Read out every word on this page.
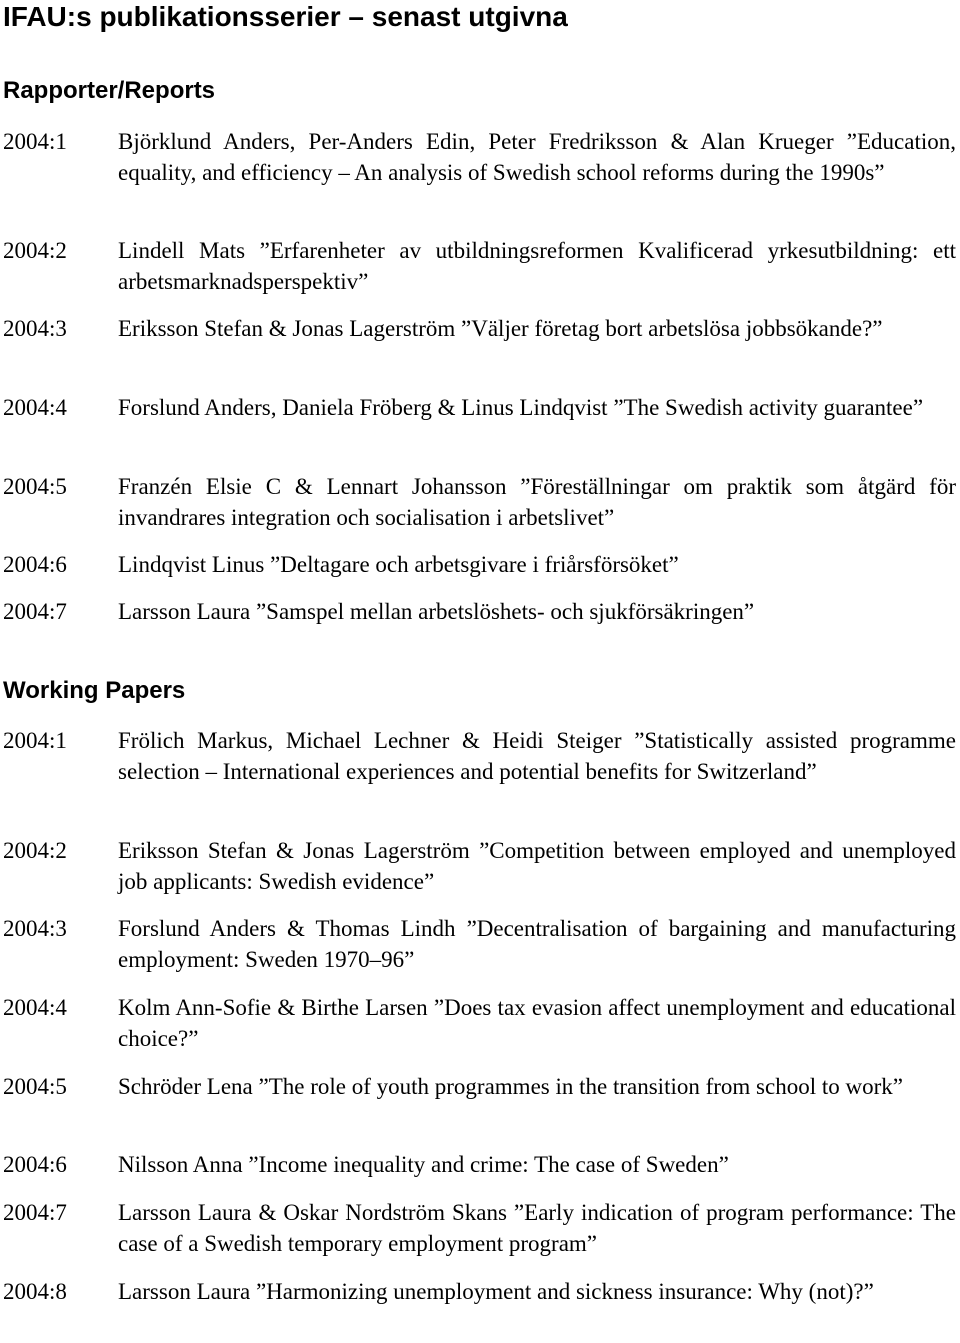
IFAU:s publikationsserier – senast utgivna
Rapporter/Reports
2004:1 Björklund Anders, Per-Anders Edin, Peter Fredriksson & Alan Krueger ”Education, equality, and efficiency – An analysis of Swedish school reforms during the 1990s”
2004:2 Lindell Mats ”Erfarenheter av utbildningsreformen Kvalificerad yrkesutbildning: ett arbetsmarknadsperspektiv”
2004:3 Eriksson Stefan & Jonas Lagerström ”Väljer företag bort arbetslösa jobbsökande?”
2004:4 Forslund Anders, Daniela Fröberg & Linus Lindqvist ”The Swedish activity guarantee”
2004:5 Franzén Elsie C & Lennart Johansson ”Föreställningar om praktik som åtgärd för invandrares integration och socialisation i arbetslivet”
2004:6 Lindqvist Linus ”Deltagare och arbetsgivare i friårsförsöket”
2004:7 Larsson Laura ”Samspel mellan arbetslöshets- och sjukförsäkringen”
Working Papers
2004:1 Frölich Markus, Michael Lechner & Heidi Steiger ”Statistically assisted programme selection – International experiences and potential benefits for Switzerland”
2004:2 Eriksson Stefan & Jonas Lagerström ”Competition between employed and unemployed job applicants: Swedish evidence”
2004:3 Forslund Anders & Thomas Lindh ”Decentralisation of bargaining and manufacturing employment: Sweden 1970–96”
2004:4 Kolm Ann-Sofie & Birthe Larsen ”Does tax evasion affect unemployment and educational choice?”
2004:5 Schröder Lena ”The role of youth programmes in the transition from school to work”
2004:6 Nilsson Anna ”Income inequality and crime: The case of Sweden”
2004:7 Larsson Laura & Oskar Nordström Skans ”Early indication of program performance: The case of a Swedish temporary employment program”
2004:8 Larsson Laura ”Harmonizing unemployment and sickness insurance: Why (not)?”
